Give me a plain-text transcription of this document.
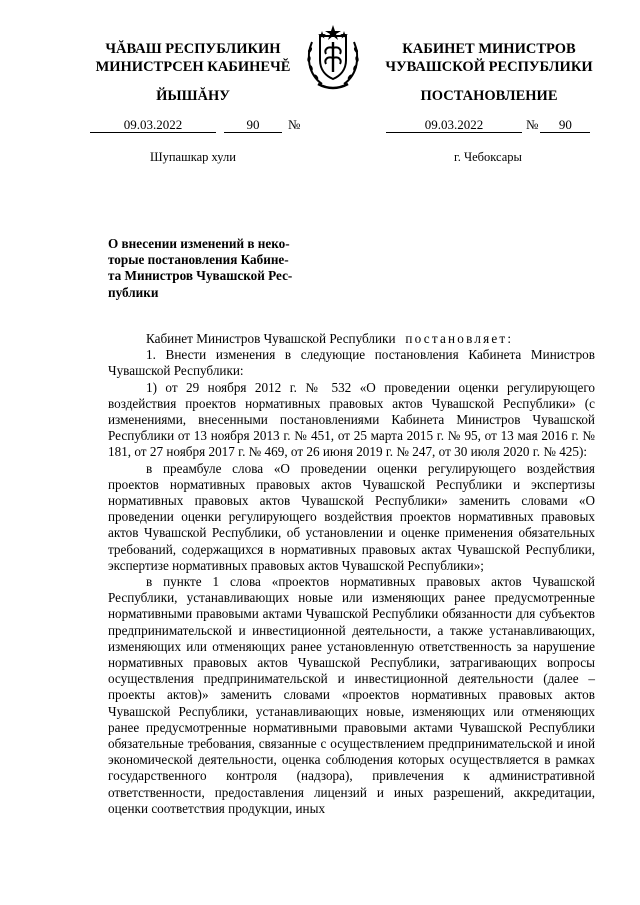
ЧĂВАШ РЕСПУБЛИКИН
МИНИСТРСЕН КАБИНЕЧĔ
ЙЫШĂНУ
КАБИНЕТ МИНИСТРОВ
ЧУВАШСКОЙ РЕСПУБЛИКИ
ПОСТАНОВЛЕНИЕ
09.03.2022	90 №	09.03.2022	№ 90
Шупашкар хули	г. Чебоксары
О внесении изменений в неко-
торые постановления Кабине-
та Министров Чувашской Рес-
публики

Кабинет Министров Чувашской Республики постановляет:

1. Внести изменения в следующие постановления Кабинета Министров Чувашской Республики:

1) от 29 ноября 2012 г. № 532 «О проведении оценки регулирующего воздействия проектов нормативных правовых актов Чувашской Республики» (с изменениями, внесенными постановлениями Кабинета Министров Чувашской Республики от 13 ноября 2013 г. № 451, от 25 марта 2015 г. № 95, от 13 мая 2016 г. № 181, от 27 ноября 2017 г. № 469, от 26 июня 2019 г. № 247, от 30 июля 2020 г. № 425):

в преамбуле слова «О проведении оценки регулирующего воздействия проектов нормативных правовых актов Чувашской Республики и экспертизы нормативных правовых актов Чувашской Республики» заменить словами «О проведении оценки регулирующего воздействия проектов нормативных правовых актов Чувашской Республики, об установлении и оценке применения обязательных требований, содержащихся в нормативных правовых актах Чувашской Республики, экспертизе нормативных правовых актов Чувашской Республики»;

в пункте 1 слова «проектов нормативных правовых актов Чувашской Республики, устанавливающих новые или изменяющих ранее предусмотренные нормативными правовыми актами Чувашской Республики обязанности для субъектов предпринимательской и инвестиционной деятельности, а также устанавливающих, изменяющих или отменяющих ранее установленную ответственность за нарушение нормативных правовых актов Чувашской Республики, затрагивающих вопросы осуществления предпринимательской и инвестиционной деятельности (далее – проекты актов)» заменить словами «проектов нормативных правовых актов Чувашской Республики, устанавливающих новые, изменяющих или отменяющих ранее предусмотренные нормативными правовыми актами Чувашской Республики обязательные требования, связанные с осуществлением предпринимательской и иной экономической деятельности, оценка соблюдения которых осуществляется в рамках государственного контроля (надзора), привлечения к административной ответственности, предоставления лицензий и иных разрешений, аккредитации, оценки соответствия продукции, иных
